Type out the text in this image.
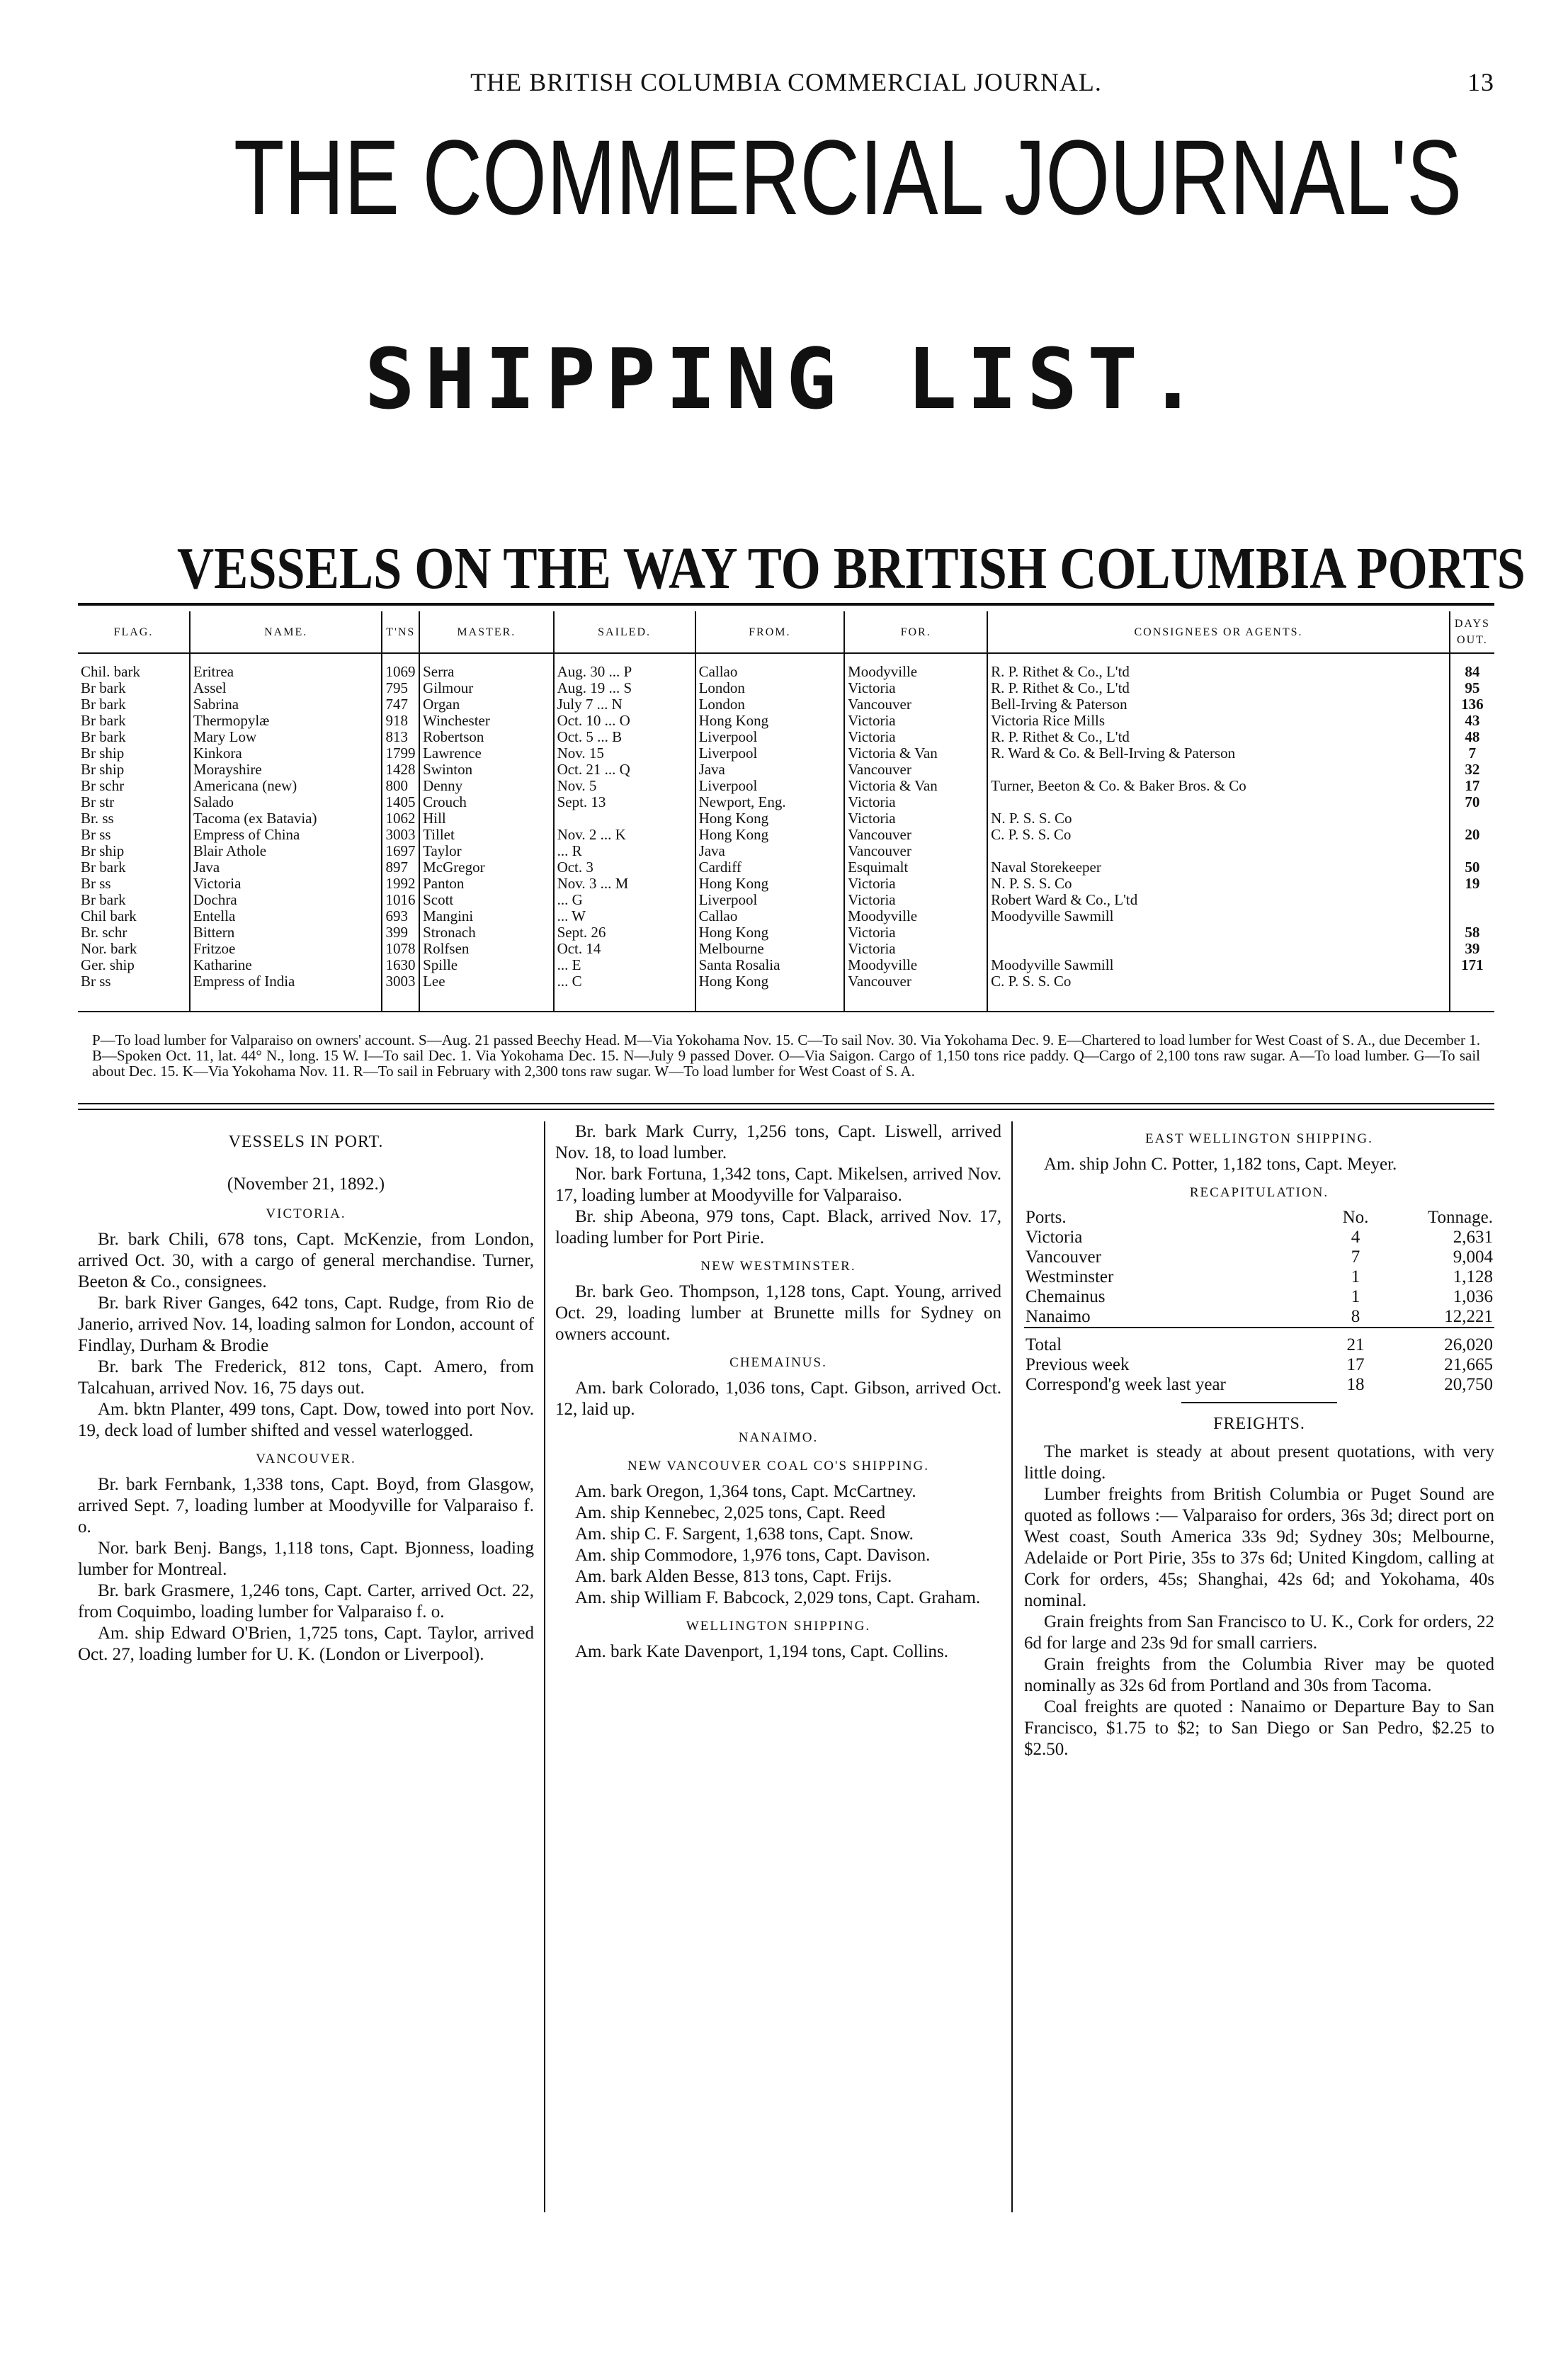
THE BRITISH COLUMBIA COMMERCIAL JOURNAL.	13
THE COMMERCIAL JOURNAL'S
SHIPPING LIST.
VESSELS ON THE WAY TO BRITISH COLUMBIA PORTS
FLAG.	NAME.	T'NS	MASTER.	SAILED.	FROM.	FOR.	CONSIGNEES OR AGENTS.	DAYS OUT.
Chil. bark	Eritrea	1069	Serra	Aug. 30 ... P	Callao	Moodyville	R. P. Rithet & Co., L'td	84
Br bark	Assel	795	Gilmour	Aug. 19 ... S	London	Victoria	R. P. Rithet & Co., L'td	95
Br bark	Sabrina	747	Organ	July 7 ... N	London	Vancouver	Bell-Irving & Paterson	136
Br bark	Thermopylæ	918	Winchester	Oct. 10 ... O	Hong Kong	Victoria	Victoria Rice Mills	43
Br bark	Mary Low	813	Robertson	Oct. 5 ... B	Liverpool	Victoria	R. P. Rithet & Co., L'td	48
Br ship	Kinkora	1799	Lawrence	Nov. 15	Liverpool	Victoria & Van	R. Ward & Co. & Bell-Irving & Paterson	7
Br ship	Morayshire	1428	Swinton	Oct. 21 ... Q	Java	Vancouver		32
Br schr	Americana (new)	800	Denny	Nov. 5	Liverpool	Victoria & Van	Turner, Beeton & Co. & Baker Bros. & Co	17
Br str	Salado	1405	Crouch	Sept. 13	Newport, Eng.	Victoria		70
Br. ss	Tacoma (ex Batavia)	1062	Hill		Hong Kong	Victoria	N. P. S. S. Co	
Br ss	Empress of China	3003	Tillet	Nov. 2 ... K	Hong Kong	Vancouver	C. P. S. S. Co	20
Br ship	Blair Athole	1697	Taylor	... R	Java	Vancouver		
Br bark	Java	897	McGregor	Oct. 3	Cardiff	Esquimalt	Naval Storekeeper	50
Br ss	Victoria	1992	Panton	Nov. 3 ... M	Hong Kong	Victoria	N. P. S. S. Co	19
Br bark	Dochra	1016	Scott	... G	Liverpool	Victoria	Robert Ward & Co., L'td	
Chil bark	Entella	693	Mangini	... W	Callao	Moodyville	Moodyville Sawmill	
Br. schr	Bittern	399	Stronach	Sept. 26	Hong Kong	Victoria		58
Nor. bark	Fritzoe	1078	Rolfsen	Oct. 14	Melbourne	Victoria		39
Ger. ship	Katharine	1630	Spille	... E	Santa Rosalia	Moodyville	Moodyville Sawmill	171
Br ss	Empress of India	3003	Lee	... C	Hong Kong	Vancouver	C. P. S. S. Co	
P—To load lumber for Valparaiso on owners' account. S—Aug. 21 passed Beechy Head. M—Via Yokohama Nov. 15. C—To sail Nov. 30. Via Yokohama Dec. 9. E—Chartered to load lumber for West Coast of S. A., due December 1. B—Spoken Oct. 11, lat. 44° N., long. 15 W. I—To sail Dec. 1. Via Yokohama Dec. 15. N—July 9 passed Dover. O—Via Saigon. Cargo of 1,150 tons rice paddy. Q—Cargo of 2,100 tons raw sugar. A—To load lumber. G—To sail about Dec. 15. K—Via Yokohama Nov. 11. R—To sail in February with 2,300 tons raw sugar. W—To load lumber for West Coast of S. A.
VESSELS IN PORT.
(November 21, 1892.)
VICTORIA.

Br. bark Chili, 678 tons, Capt. McKenzie, from London, arrived Oct. 30, with a cargo of general merchandise. Turner, Beeton & Co., consignees.

Br. bark River Ganges, 642 tons, Capt. Rudge, from Rio de Janerio, arrived Nov. 14, loading salmon for London, account of Findlay, Durham & Brodie

Br. bark The Frederick, 812 tons, Capt. Amero, from Talcahuan, arrived Nov. 16, 75 days out.

Am. bktn Planter, 499 tons, Capt. Dow, towed into port Nov. 19, deck load of lumber shifted and vessel waterlogged.

VANCOUVER.

Br. bark Fernbank, 1,338 tons, Capt. Boyd, from Glasgow, arrived Sept. 7, loading lumber at Moodyville for Valparaiso f. o.

Nor. bark Benj. Bangs, 1,118 tons, Capt. Bjonness, loading lumber for Montreal.

Br. bark Grasmere, 1,246 tons, Capt. Carter, arrived Oct. 22, from Coquimbo, loading lumber for Valparaiso f. o.

Am. ship Edward O'Brien, 1,725 tons, Capt. Taylor, arrived Oct. 27, loading lumber for U. K. (London or Liverpool).

Br. bark Mark Curry, 1,256 tons, Capt. Liswell, arrived Nov. 18, to load lumber.

Nor. bark Fortuna, 1,342 tons, Capt. Mikelsen, arrived Nov. 17, loading lumber at Moodyville for Valparaiso.

Br. ship Abeona, 979 tons, Capt. Black, arrived Nov. 17, loading lumber for Port Pirie.

NEW WESTMINSTER.

Br. bark Geo. Thompson, 1,128 tons, Capt. Young, arrived Oct. 29, loading lumber at Brunette mills for Sydney on owners account.

CHEMAINUS.

Am. bark Colorado, 1,036 tons, Capt. Gibson, arrived Oct. 12, laid up.

NANAIMO.
NEW VANCOUVER COAL CO'S SHIPPING.

Am. bark Oregon, 1,364 tons, Capt. McCartney.

Am. ship Kennebec, 2,025 tons, Capt. Reed

Am. ship C. F. Sargent, 1,638 tons, Capt. Snow.

Am. ship Commodore, 1,976 tons, Capt. Davison.

Am. bark Alden Besse, 813 tons, Capt. Frijs.

Am. ship William F. Babcock, 2,029 tons, Capt. Graham.

WELLINGTON SHIPPING.

Am. bark Kate Davenport, 1,194 tons, Capt. Collins.

EAST WELLINGTON SHIPPING.

Am. ship John C. Potter, 1,182 tons, Capt. Meyer.

RECAPITULATION.
Ports.	No.	Tonnage.
Victoria	4	2,631
Vancouver	7	9,004
Westminster	1	1,128
Chemainus	1	1,036
Nanaimo	8	12,221
Total	21	26,020
Previous week	17	21,665
Correspond'g week last year	18	20,750
FREIGHTS.

The market is steady at about present quotations, with very little doing.

Lumber freights from British Columbia or Puget Sound are quoted as follows :— Valparaiso for orders, 36s 3d; direct port on West coast, South America 33s 9d; Sydney 30s; Melbourne, Adelaide or Port Pirie, 35s to 37s 6d; United Kingdom, calling at Cork for orders, 45s; Shanghai, 42s 6d; and Yokohama, 40s nominal.

Grain freights from San Francisco to U. K., Cork for orders, 22 6d for large and 23s 9d for small carriers.

Grain freights from the Columbia River may be quoted nominally as 32s 6d from Portland and 30s from Tacoma.

Coal freights are quoted : Nanaimo or Departure Bay to San Francisco, $1.75 to $2; to San Diego or San Pedro, $2.25 to $2.50.
